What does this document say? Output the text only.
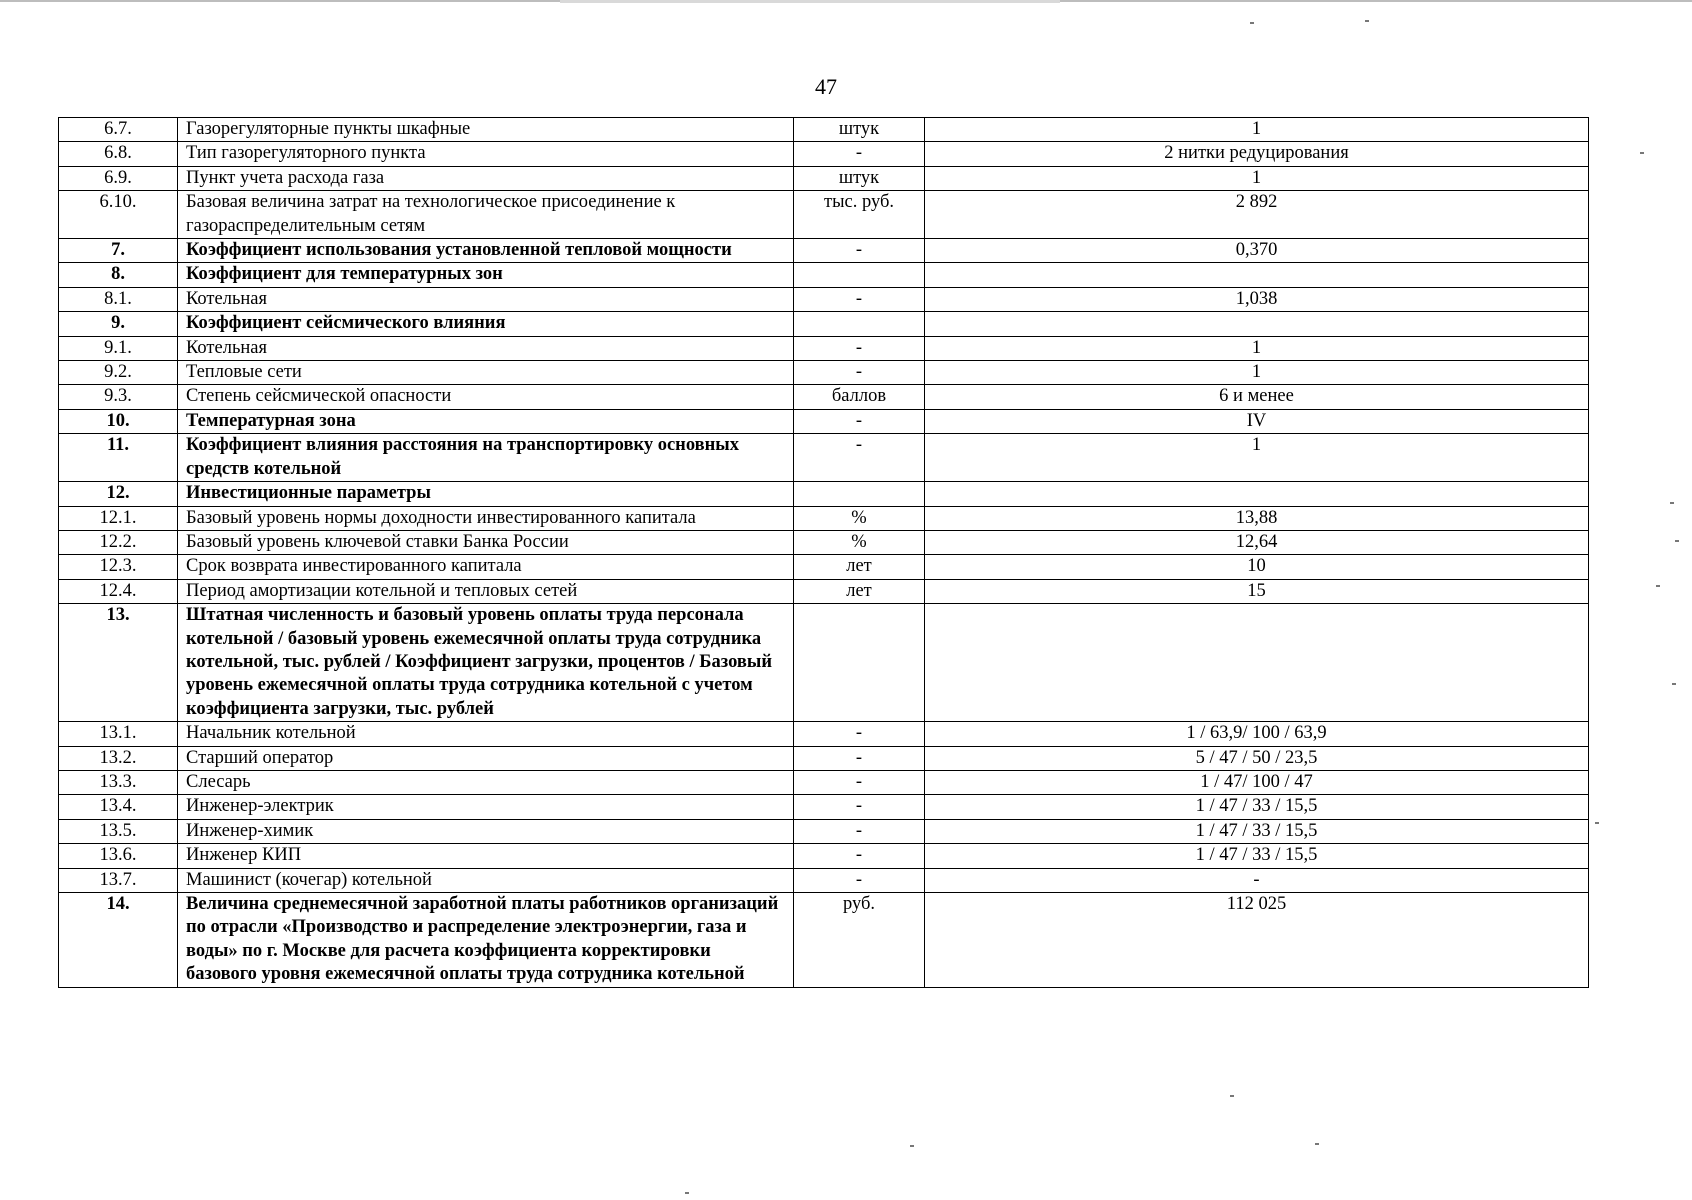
47
6.7.	Газорегуляторные пункты шкафные	штук	1
6.8.	Тип газорегуляторного пункта	-	2 нитки редуцирования
6.9.	Пункт учета расхода газа	штук	1
6.10.	Базовая величина затрат на технологическое присоединение к газораспределительным сетям	тыс. руб.	2 892
7.	Коэффициент использования установленной тепловой мощности	-	0,370
8.	Коэффициент для температурных зон		
8.1.	Котельная	-	1,038
9.	Коэффициент сейсмического влияния		
9.1.	Котельная	-	1
9.2.	Тепловые сети	-	1
9.3.	Степень сейсмической опасности	баллов	6 и менее
10.	Температурная зона	-	IV
11.	Коэффициент влияния расстояния на транспортировку основных средств котельной	-	1
12.	Инвестиционные параметры		
12.1.	Базовый уровень нормы доходности инвестированного капитала	%	13,88
12.2.	Базовый уровень ключевой ставки Банка России	%	12,64
12.3.	Срок возврата инвестированного капитала	лет	10
12.4.	Период амортизации котельной и тепловых сетей	лет	15
13.	Штатная численность и базовый уровень оплаты труда персонала котельной / базовый уровень ежемесячной оплаты труда сотрудника котельной, тыс. рублей / Коэффициент загрузки, процентов / Базовый уровень ежемесячной оплаты труда сотрудника котельной с учетом коэффициента загрузки, тыс. рублей		
13.1.	Начальник котельной	-	1 / 63,9/ 100 / 63,9
13.2.	Старший оператор	-	5 / 47 / 50 / 23,5
13.3.	Слесарь	-	1 / 47/ 100 / 47
13.4.	Инженер-электрик	-	1 / 47 / 33 / 15,5
13.5.	Инженер-химик	-	1 / 47 / 33 / 15,5
13.6.	Инженер КИП	-	1 / 47 / 33 / 15,5
13.7.	Машинист (кочегар) котельной	-	-
14.	Величина среднемесячной заработной платы работников организаций по отрасли «Производство и распределение электроэнергии, газа и воды» по г. Москве для расчета коэффициента корректировки базового уровня ежемесячной оплаты труда сотрудника котельной	руб.	112 025
